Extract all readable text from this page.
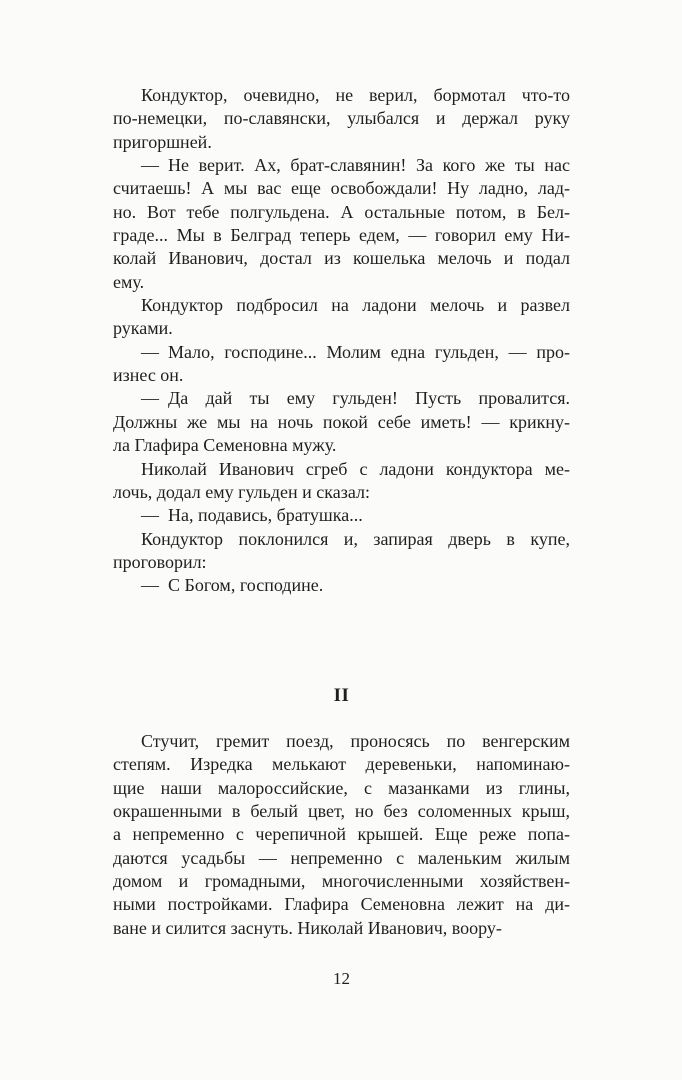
Кондуктор, очевидно, не верил, бормотал что-то
по-немецки, по-славянски, улыбался и держал руку
пригоршней.
— Не верит. Ах, брат-славянин! За кого же ты нас
считаешь! А мы вас еще освобождали! Ну ладно, лад-
но. Вот тебе полгульдена. А остальные потом, в Бел-
граде... Мы в Белград теперь едем, — говорил ему Ни-
колай Иванович, достал из кошелька мелочь и подал
ему.
Кондуктор подбросил на ладони мелочь и развел
руками.
— Мало, господине... Молим една гульден, — про-
изнес он.
— Да дай ты ему гульден! Пусть провалится.
Должны же мы на ночь покой себе иметь! — крикну-
ла Глафира Семеновна мужу.
Николай Иванович сгреб с ладони кондуктора ме-
лочь, додал ему гульден и сказал:
— На, подавись, братушка...
Кондуктор поклонился и, запирая дверь в купе,
проговорил:
— С Богом, господине.
II
Стучит, гремит поезд, проносясь по венгерским
степям. Изредка мелькают деревеньки, напоминаю-
щие наши малороссийские, с мазанками из глины,
окрашенными в белый цвет, но без соломенных крыш,
а непременно с черепичной крышей. Еще реже попа-
даются усадьбы — непременно с маленьким жилым
домом и громадными, многочисленными хозяйствен-
ными постройками. Глафира Семеновна лежит на ди-
ване и силится заснуть. Николай Иванович, воору-
12
